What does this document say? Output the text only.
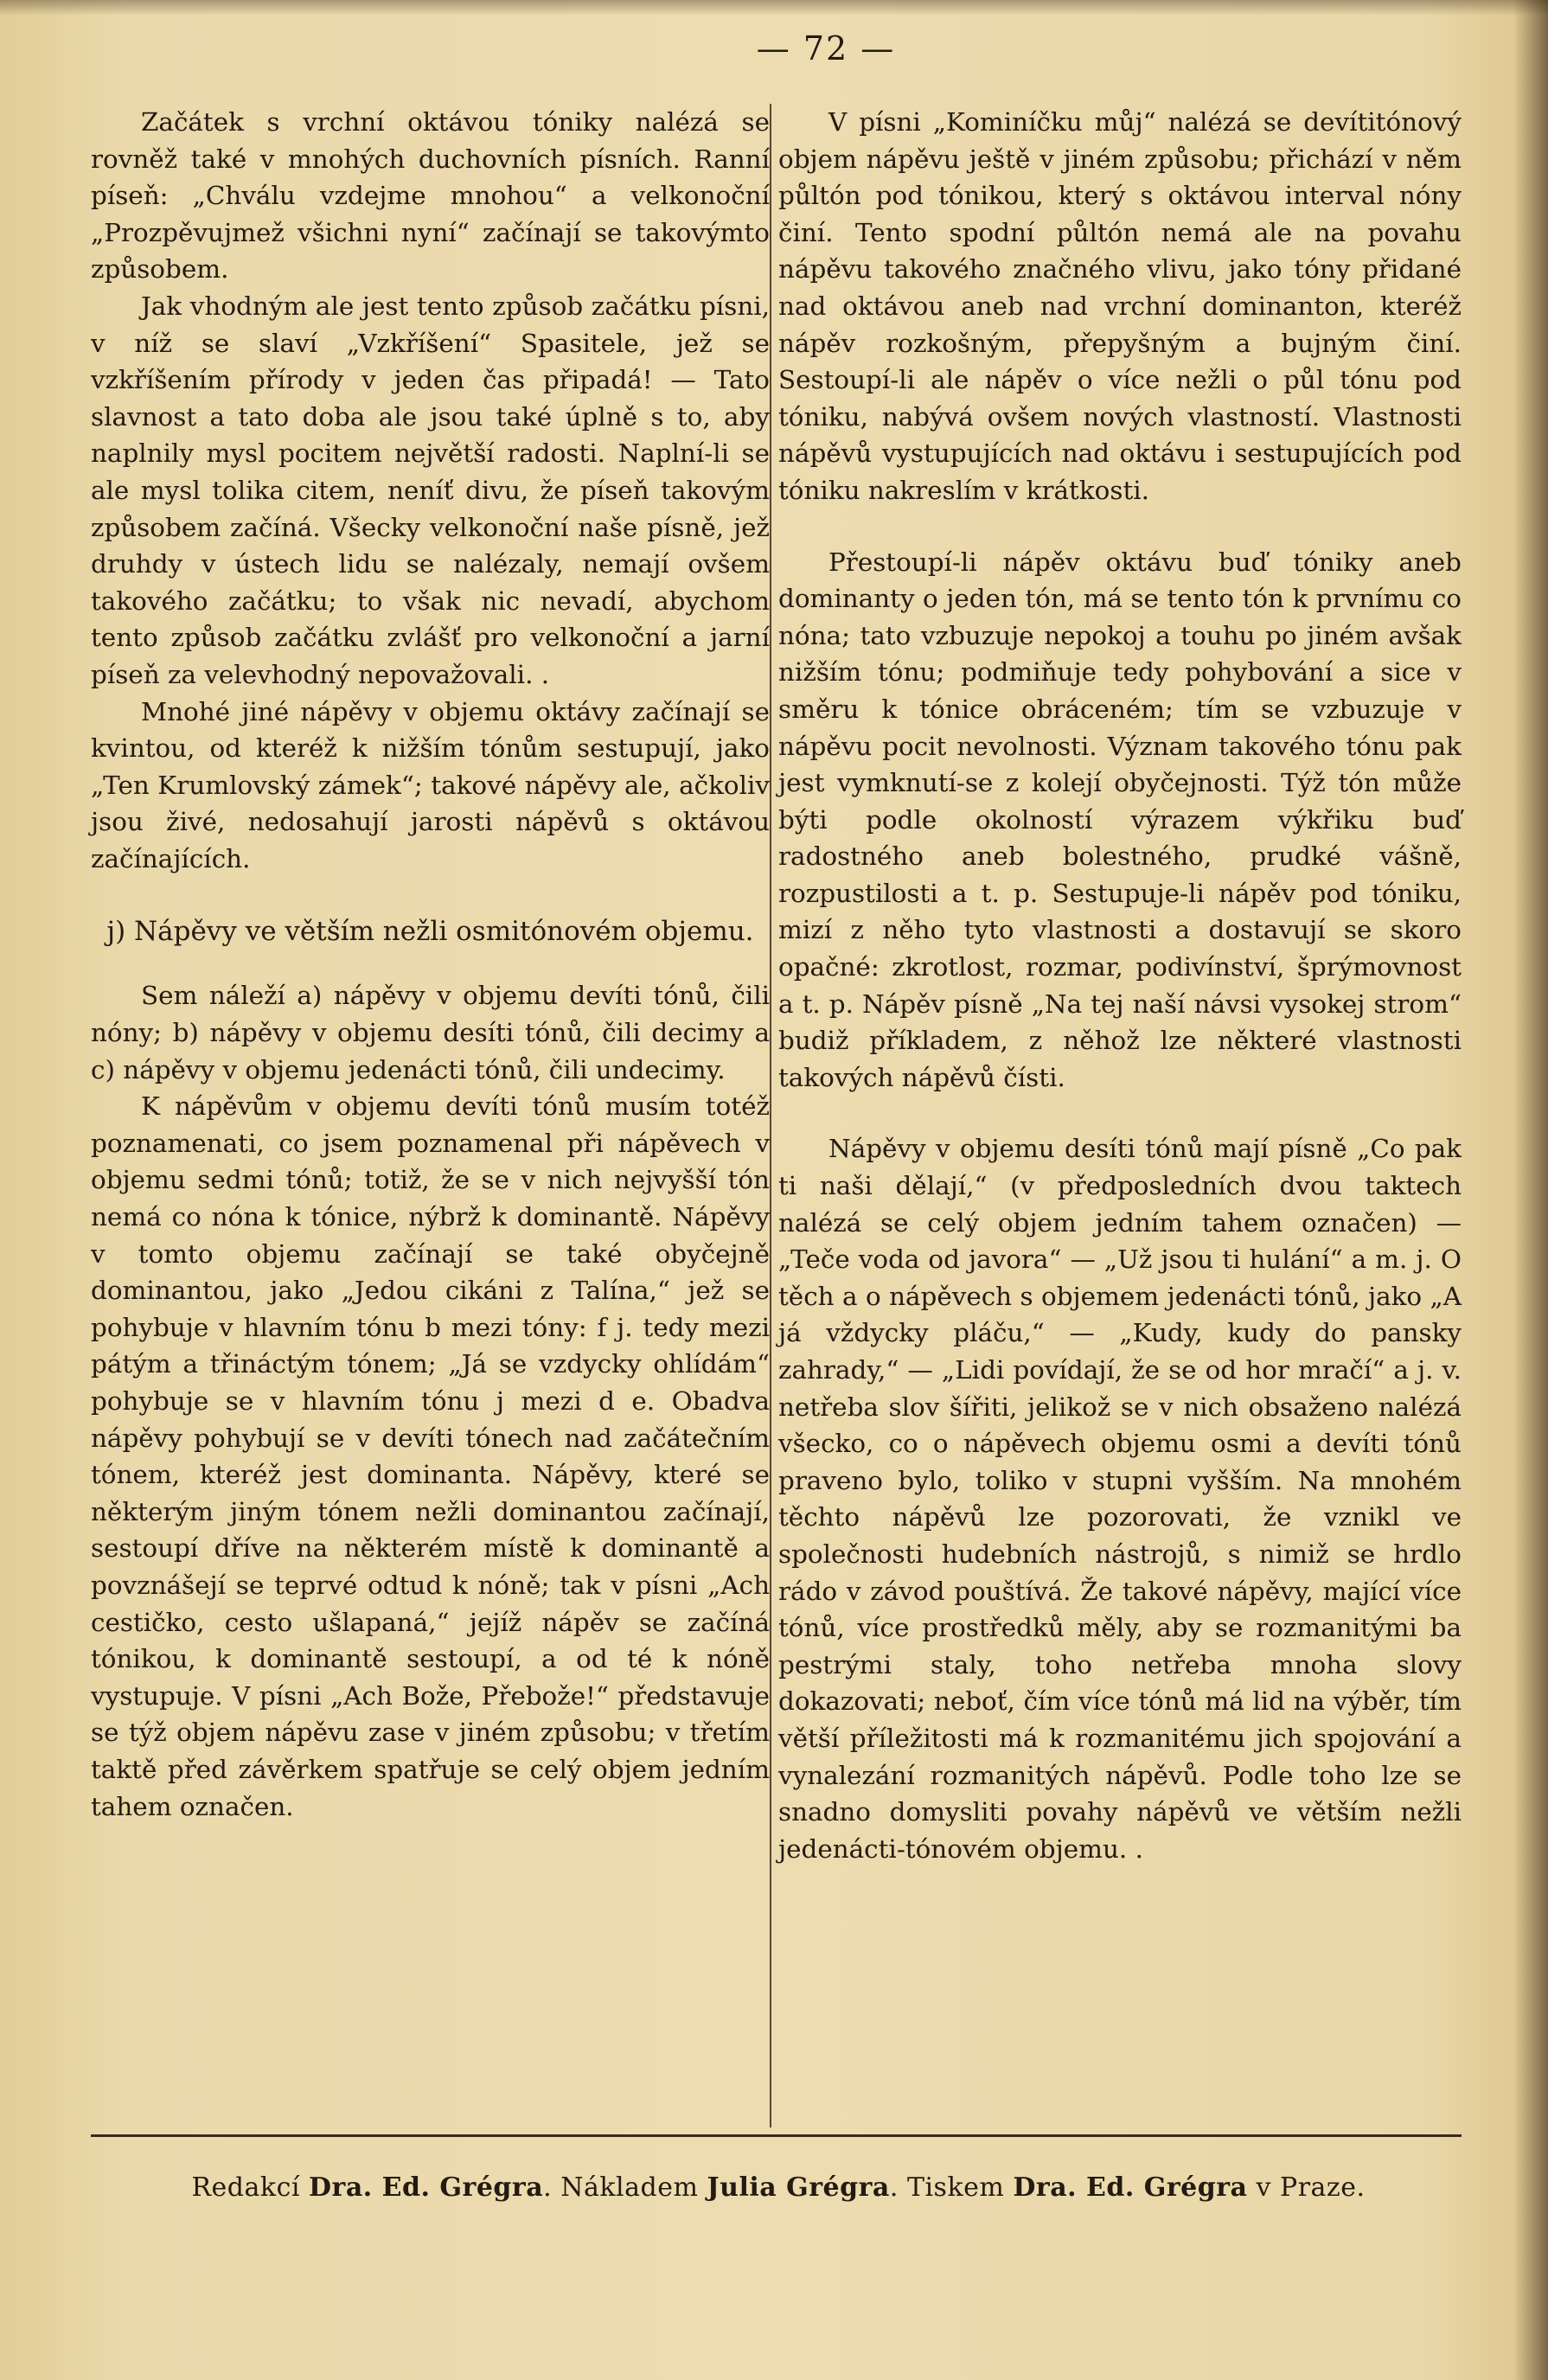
— 72 —

Začátek s vrchní oktávou tóniky nalézá se rovněž také v mnohých duchovních písních. Ranní píseň: „Chválu vzdejme mnohou“ a velkonoční „Prozpěvujmež všichni nyní“ začínají se takovýmto způsobem.

Jak vhodným ale jest tento způsob začátku písni, v níž se slaví „Vzkříšení“ Spasitele, jež se vzkříšením přírody v jeden čas připadá! — Tato slavnost a tato doba ale jsou také úplně s to, aby naplnily mysl pocitem největší radosti. Naplní-li se ale mysl tolika citem, neníť divu, že píseň takovým způsobem začíná. Všecky velkonoční naše písně, jež druhdy v ústech lidu se nalézaly, nemají ovšem takového začátku; to však nic nevadí, abychom tento způsob začátku zvlášť pro velkonoční a jarní píseň za velevhodný nepovažovali. .

Mnohé jiné nápěvy v objemu oktávy začínají se kvintou, od kteréž k nižším tónům sestupují, jako „Ten Krumlovský zámek“; takové nápěvy ale, ačkoliv jsou živé, nedosahují jarosti nápěvů s oktávou začínajících.

j) Nápěvy ve větším nežli osmitónovém objemu.

Sem náleží a) nápěvy v objemu devíti tónů, čili nóny; b) nápěvy v objemu desíti tónů, čili decimy a c) nápěvy v objemu jedenácti tónů, čili undecimy.

K nápěvům v objemu devíti tónů musím totéž poznamenati, co jsem poznamenal při nápěvech v objemu sedmi tónů; totiž, že se v nich nejvyšší tón nemá co nóna k tónice, nýbrž k dominantě. Nápěvy v tomto objemu začínají se také obyčejně dominantou, jako „Jedou cikáni z Talína,“ jež se pohybuje v hlavním tónu b mezi tóny: f j. tedy mezi pátým a třináctým tónem; „Já se vzdycky ohlídám“ pohybuje se v hlavním tónu j mezi d e. Obadva nápěvy pohybují se v devíti tónech nad začátečním tónem, kteréž jest dominanta. Nápěvy, které se některým jiným tónem nežli dominantou začínají, sestoupí dříve na některém místě k dominantě a povznášejí se teprvé odtud k nóně; tak v písni „Ach cestičko, cesto ušlapaná,“ jejíž nápěv se začíná tónikou, k dominantě sestoupí, a od té k nóně vystupuje. V písni „Ach Bože, Přebože!“ představuje se týž objem nápěvu zase v jiném způsobu; v třetím taktě před závěrkem spatřuje se celý objem jedním tahem označen.

V písni „Kominíčku můj“ nalézá se devítitónový objem nápěvu ještě v jiném způsobu; přichází v něm půltón pod tónikou, který s oktávou interval nóny činí. Tento spodní půltón nemá ale na povahu nápěvu takového značného vlivu, jako tóny přidané nad oktávou aneb nad vrchní dominanton, kteréž nápěv rozkošným, přepyšným a bujným činí. Sestoupí-li ale nápěv o více nežli o půl tónu pod tóniku, nabývá ovšem nových vlastností. Vlastnosti nápěvů vystupujících nad oktávu i sestupujících pod tóniku nakreslím v krátkosti.

Přestoupí-li nápěv oktávu buď tóniky aneb dominanty o jeden tón, má se tento tón k prvnímu co nóna; tato vzbuzuje nepokoj a touhu po jiném avšak nižším tónu; podmiňuje tedy pohybování a sice v směru k tónice obráceném; tím se vzbuzuje v nápěvu pocit nevolnosti. Význam takového tónu pak jest vymknutí-se z kolejí obyčejnosti. Týž tón může býti podle okolností výrazem výkřiku buď radostného aneb bolestného, prudké vášně, rozpustilosti a t. p. Sestupuje-li nápěv pod tóniku, mizí z něho tyto vlastnosti a dostavují se skoro opačné: zkrotlost, rozmar, podivínství, šprýmovnost a t. p. Nápěv písně „Na tej naší návsi vysokej strom“ budiž příkladem, z něhož lze některé vlastnosti takových nápěvů čísti.

Nápěvy v objemu desíti tónů mají písně „Co pak ti naši dělají,“ (v předposledních dvou taktech nalézá se celý objem jedním tahem označen) — „Teče voda od javora“ — „Už jsou ti hulání“ a m. j. O těch a o nápěvech s objemem jedenácti tónů, jako „A já vždycky pláču,“ — „Kudy, kudy do pansky zahrady,“ — „Lidi povídají, že se od hor mračí“ a j. v. netřeba slov šířiti, jelikož se v nich obsaženo nalézá všecko, co o nápěvech objemu osmi a devíti tónů praveno bylo, toliko v stupni vyšším. Na mnohém těchto nápěvů lze pozorovati, že vznikl ve společnosti hudebních nástrojů, s nimiž se hrdlo rádo v závod pouštívá. Že takové nápěvy, mající více tónů, více prostředků měly, aby se rozmanitými ba pestrými staly, toho netřeba mnoha slovy dokazovati; neboť, čím více tónů má lid na výběr, tím větší příležitosti má k rozmanitému jich spojování a vynalezání rozmanitých nápěvů. Podle toho lze se snadno domysliti povahy nápěvů ve větším nežli jedenácti-tónovém objemu. .

Redakcí Dra. Ed. Grégra. Nákladem Julia Grégra. Tiskem Dra. Ed. Grégra v Praze.
